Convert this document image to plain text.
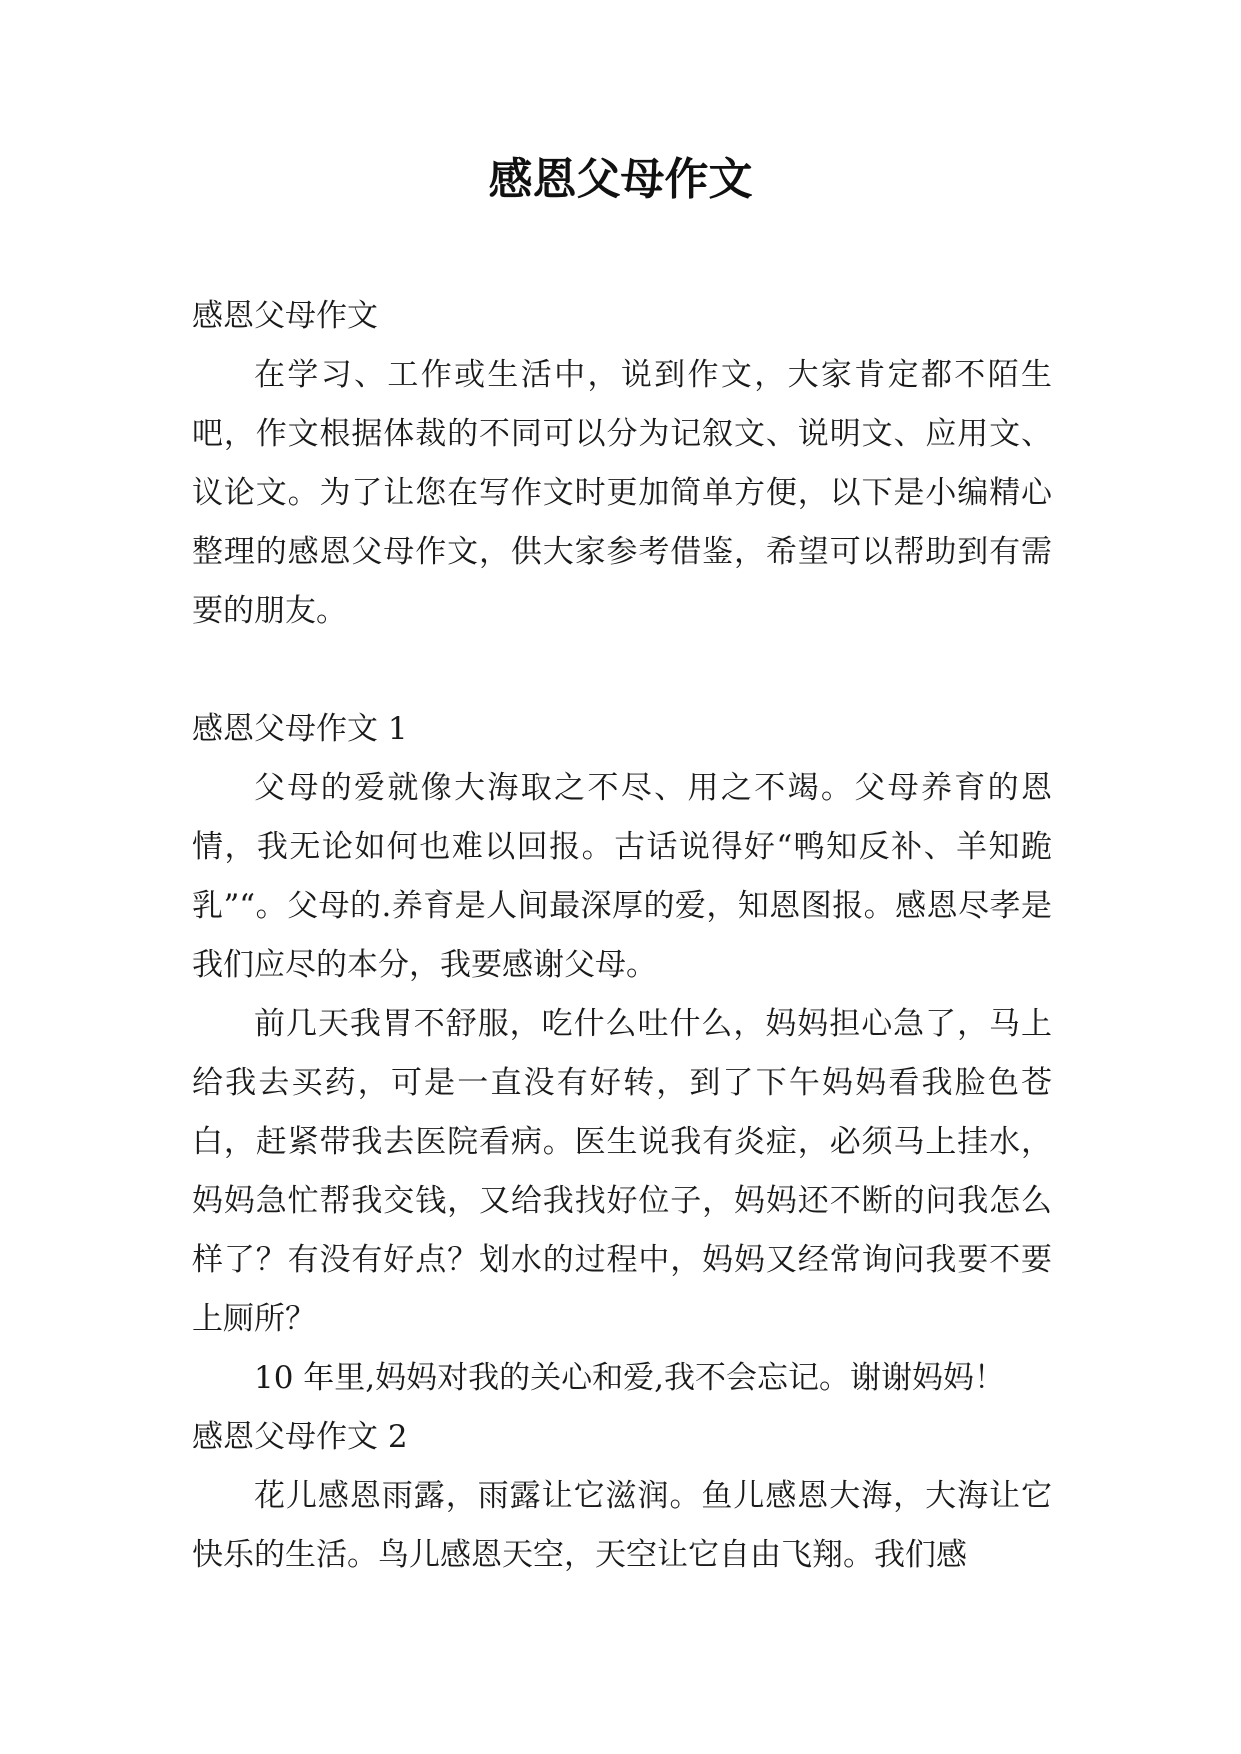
感恩父母作文

感恩父母作文

在学习、工作或生活中，说到作文，大家肯定都不陌生吧，作文根据体裁的不同可以分为记叙文、说明文、应用文、议论文。为了让您在写作文时更加简单方便，以下是小编精心整理的感恩父母作文，供大家参考借鉴，希望可以帮助到有需要的朋友。

感恩父母作文 1

父母的爱就像大海取之不尽、用之不竭。父母养育的恩情，我无论如何也难以回报。古话说得好“鸭知反补、羊知跪乳”“。父母的.养育是人间最深厚的爱，知恩图报。感恩尽孝是我们应尽的本分，我要感谢父母。

前几天我胃不舒服，吃什么吐什么，妈妈担心急了，马上给我去买药，可是一直没有好转，到了下午妈妈看我脸色苍白，赶紧带我去医院看病。医生说我有炎症，必须马上挂水，妈妈急忙帮我交钱，又给我找好位子，妈妈还不断的问我怎么样了？有没有好点？划水的过程中，妈妈又经常询问我要不要上厕所？

10 年里,妈妈对我的关心和爱,我不会忘记。谢谢妈妈！

感恩父母作文 2

花儿感恩雨露，雨露让它滋润。鱼儿感恩大海，大海让它快乐的生活。鸟儿感恩天空，天空让它自由飞翔。我们感
